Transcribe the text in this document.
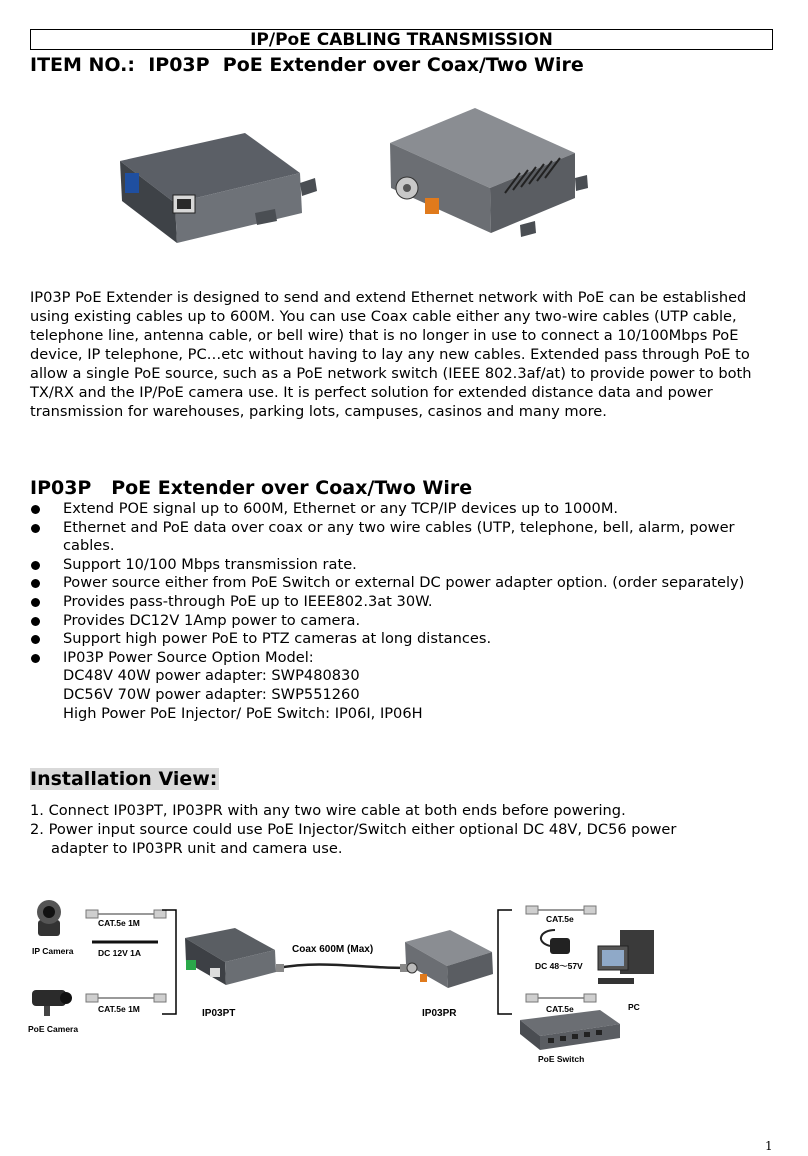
IP/PoE CABLING TRANSMISSION
ITEM NO.:  IP03P  PoE Extender over Coax/Two Wire
IP03P PoE Extender is designed to send and extend Ethernet network with PoE can be established using existing cables up to 600M. You can use Coax cable either any two-wire cables (UTP cable, telephone line, antenna cable, or bell wire) that is no longer in use to connect a 10/100Mbps PoE device, IP telephone, PC…etc without having to lay any new cables. Extended pass through PoE to allow a single PoE source, such as a PoE network switch (IEEE 802.3af/at) to provide power to both TX/RX and the IP/PoE camera use. It is perfect solution for extended distance data and power transmission for warehouses, parking lots, campuses, casinos and many more.
IP03P   PoE Extender over Coax/Two Wire
Extend POE signal up to 600M, Ethernet or any TCP/IP devices up to 1000M.
Ethernet and PoE data over coax or any two wire cables (UTP, telephone, bell, alarm, power cables.
Support 10/100 Mbps transmission rate.
Power source either from PoE Switch or external DC power adapter option. (order separately)
Provides pass-through PoE up to IEEE802.3at 30W.
Provides DC12V 1Amp power to camera.
Support high power PoE to PTZ cameras at long distances.
IP03P Power Source Option Model:
DC48V 40W power adapter: SWP480830
DC56V 70W power adapter: SWP551260
High Power PoE Injector/ PoE Switch: IP06I, IP06H
Installation View:
1. Connect IP03PT, IP03PR with any two wire cable at both ends before powering.
2. Power input source could use PoE Injector/Switch either optional DC 48V, DC56 power
adapter to IP03PR unit and camera use.
IP Camera
PoE Camera
CAT.5e 1M
DC 12V 1A
CAT.5e 1M
Coax 600M (Max)
IP03PT	IP03PR
CAT.5e
DC 48～57V
CAT.5e	PC
PoE Switch
1
